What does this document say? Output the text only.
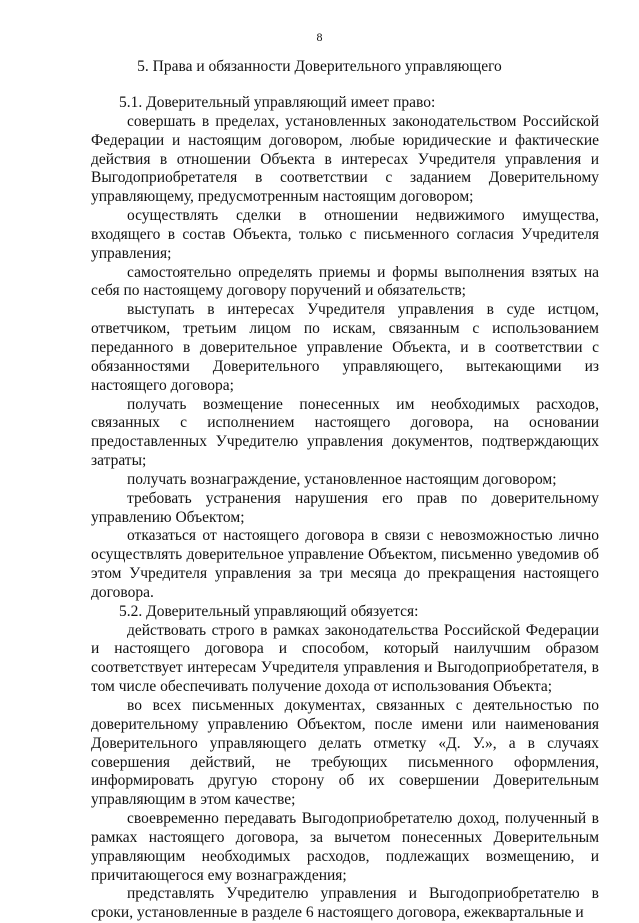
8
5. Права и обязанности Доверительного управляющего

5.1. Доверительный управляющий имеет право:

совершать в пределах, установленных законодательством Российской Федерации и настоящим договором, любые юридические и фактические действия в отношении Объекта в интересах Учредителя управления и Выгодоприобретателя в соответствии с заданием Доверительному управляющему, предусмотренным настоящим договором;

осуществлять сделки в отношении недвижимого имущества, входящего в состав Объекта, только с письменного согласия Учредителя управления;

самостоятельно определять приемы и формы выполнения взятых на себя по настоящему договору поручений и обязательств;

выступать в интересах Учредителя управления в суде истцом, ответчиком, третьим лицом по искам, связанным с использованием переданного в доверительное управление Объекта, и в соответствии с обязанностями Доверительного управляющего, вытекающими из настоящего договора;

получать возмещение понесенных им необходимых расходов, связанных с исполнением настоящего договора, на основании предоставленных Учредителю управления документов, подтверждающих затраты;

получать вознаграждение, установленное настоящим договором;

требовать устранения нарушения его прав по доверительному управлению Объектом;

отказаться от настоящего договора в связи с невозможностью лично осуществлять доверительное управление Объектом, письменно уведомив об этом Учредителя управления за три месяца до прекращения настоящего договора.

5.2. Доверительный управляющий обязуется:

действовать строго в рамках законодательства Российской Федерации и настоящего договора и способом, который наилучшим образом соответствует интересам Учредителя управления и Выгодоприобретателя, в том числе обеспечивать получение дохода от использования Объекта;

во всех письменных документах, связанных с деятельностью по доверительному управлению Объектом, после имени или наименования Доверительного управляющего делать отметку «Д. У.», а в случаях совершения действий, не требующих письменного оформления, информировать другую сторону об их совершении Доверительным управляющим в этом качестве;

своевременно передавать Выгодоприобретателю доход, полученный в рамках настоящего договора, за вычетом понесенных Доверительным управляющим необходимых расходов, подлежащих возмещению, и причитающегося ему вознаграждения;

представлять Учредителю управления и Выгодоприобретателю в сроки, установленные в разделе 6 настоящего договора, ежеквартальные и
